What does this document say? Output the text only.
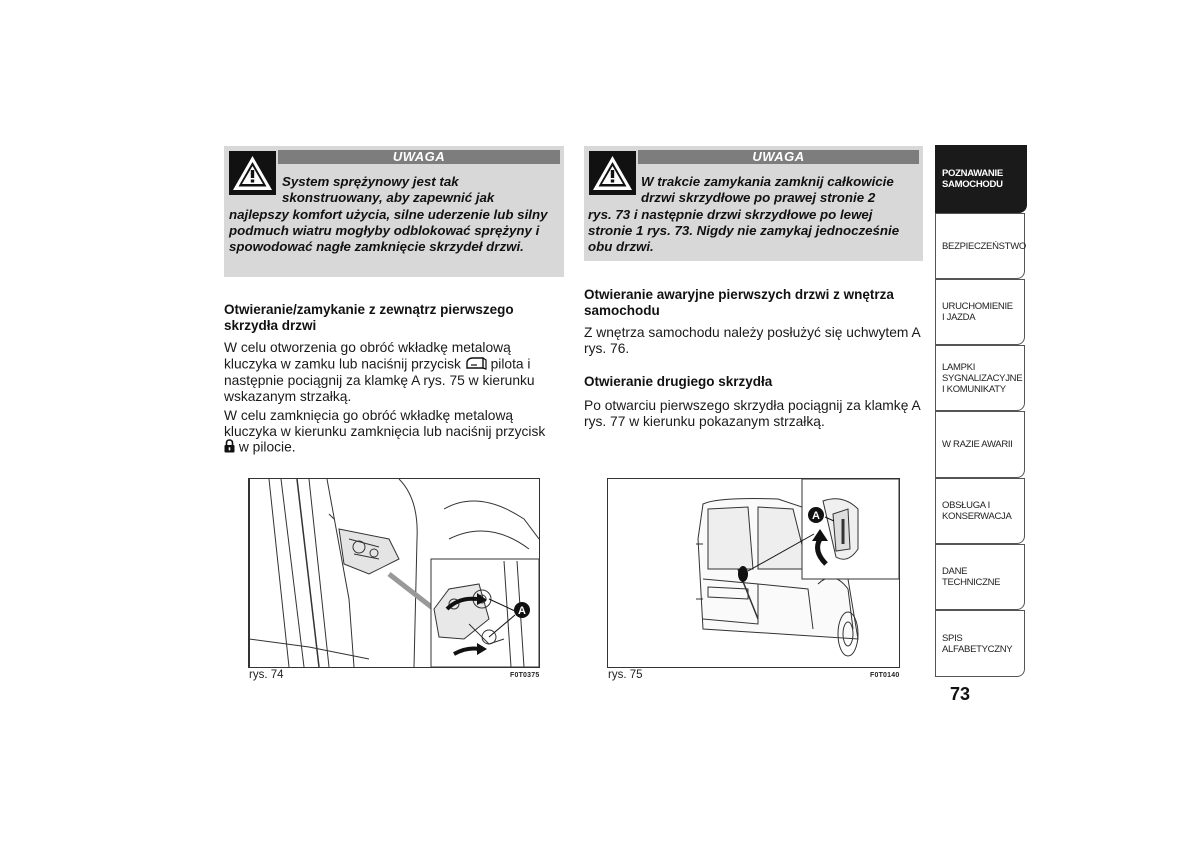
UWAGA
System sprężynowy jest tak
skonstruowany, aby zapewnić jak
najlepszy komfort użycia, silne uderzenie lub silny podmuch wiatru mogłyby odblokować sprężyny i spowodować nagłe zamknięcie skrzydeł drzwi.
UWAGA
W trakcie zamykania zamknij całkowicie
drzwi skrzydłowe po prawej stronie 2
rys. 73 i następnie drzwi skrzydłowe po lewej stronie 1 rys. 73. Nigdy nie zamykaj jednocześnie obu drzwi.
Otwieranie/zamykanie z zewnątrz pierwszego skrzydła drzwi
W celu otworzenia go obróć wkładkę metalową kluczyka w zamku lub naciśnij przycisk pilota i następnie pociągnij za klamkę A rys. 75 w kierunku wskazanym strzałką.
W celu zamknięcia go obróć wkładkę metalową kluczyka w kierunku zamknięcia lub naciśnij przycisk  w pilocie.
Otwieranie awaryjne pierwszych drzwi z wnętrza samochodu
Z wnętrza samochodu należy posłużyć się uchwytem A rys. 76.
Otwieranie drugiego skrzydła
Po otwarciu pierwszego skrzydła pociągnij za klamkę A rys. 77 w kierunku pokazanym strzałką.
A
rys. 74	F0T0375
A
rys. 75	F0T0140
POZNAWANIE SAMOCHODU
BEZPIECZEŃSTWO
URUCHOMIENIE I JAZDA
LAMPKI SYGNALIZACYJNE I KOMUNIKATY
W RAZIE AWARII
OBSŁUGA I KONSERWACJA
DANE TECHNICZNE
SPIS ALFABETYCZNY
73
